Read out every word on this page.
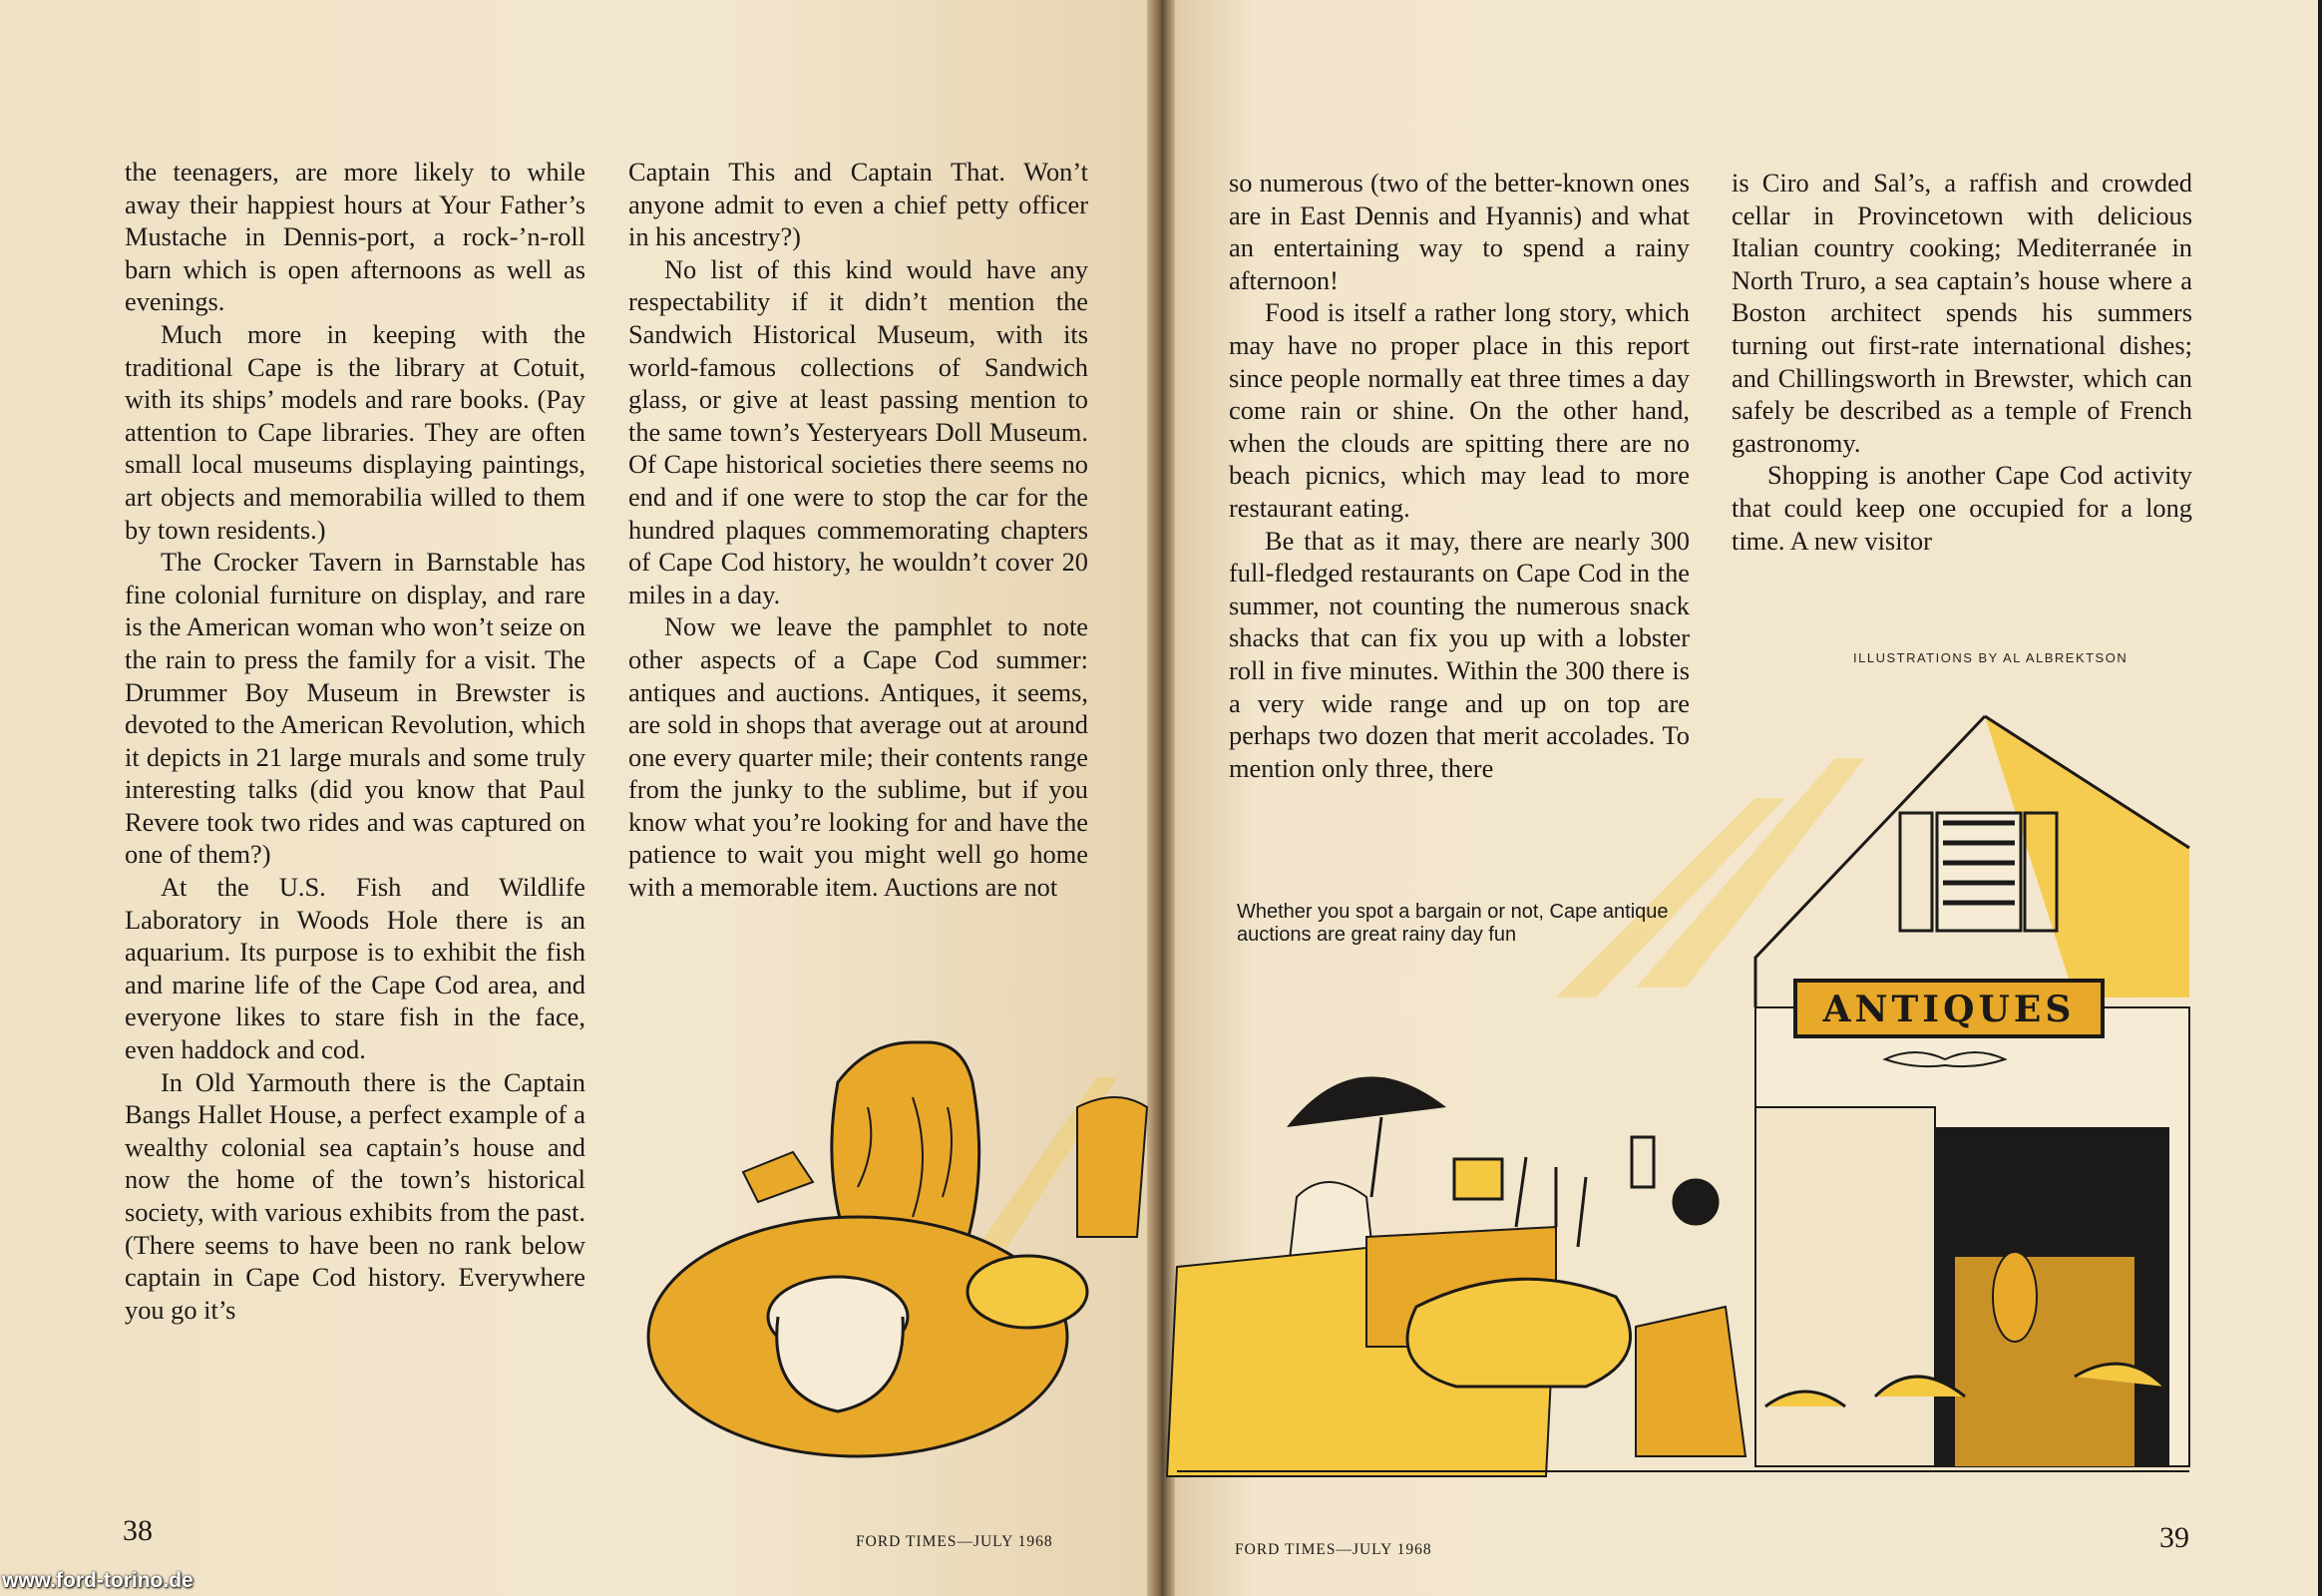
ANTIQUES

the teenagers, are more likely to while away their happiest hours at Your Father’s Mustache in Dennis-port, a rock-’n-roll barn which is open afternoons as well as evenings.

Much more in keeping with the traditional Cape is the library at Cotuit, with its ships’ models and rare books. (Pay attention to Cape libraries. They are often small local museums displaying paintings, art objects and memorabilia willed to them by town residents.)

The Crocker Tavern in Barnstable has fine colonial furniture on display, and rare is the American woman who won’t seize on the rain to press the family for a visit. The Drummer Boy Museum in Brewster is devoted to the American Revolution, which it depicts in 21 large murals and some truly interesting talks (did you know that Paul Revere took two rides and was captured on one of them?)

At the U.S. Fish and Wildlife Laboratory in Woods Hole there is an aquarium. Its purpose is to exhibit the fish and marine life of the Cape Cod area, and everyone likes to stare fish in the face, even haddock and cod.

In Old Yarmouth there is the Captain Bangs Hallet House, a perfect example of a wealthy colonial sea captain’s house and now the home of the town’s historical society, with various exhibits from the past. (There seems to have been no rank below captain in Cape Cod history. Everywhere you go it’s

Captain This and Captain That. Won’t anyone admit to even a chief petty officer in his ancestry?)

No list of this kind would have any respectability if it didn’t mention the Sandwich Historical Museum, with its world-famous collections of Sandwich glass, or give at least passing mention to the same town’s Yesteryears Doll Museum. Of Cape historical societies there seems no end and if one were to stop the car for the hundred plaques commemorating chapters of Cape Cod history, he wouldn’t cover 20 miles in a day.

Now we leave the pamphlet to note other aspects of a Cape Cod summer: antiques and auctions. Antiques, it seems, are sold in shops that average out at around one every quarter mile; their contents range from the junky to the sublime, but if you know what you’re looking for and have the patience to wait you might well go home with a memorable item. Auctions are not

so numerous (two of the better-known ones are in East Dennis and Hyannis) and what an entertaining way to spend a rainy afternoon!

Food is itself a rather long story, which may have no proper place in this report since people normally eat three times a day come rain or shine. On the other hand, when the clouds are spitting there are no beach picnics, which may lead to more restaurant eating.

Be that as it may, there are nearly 300 full-fledged restaurants on Cape Cod in the summer, not counting the numerous snack shacks that can fix you up with a lobster roll in five minutes. Within the 300 there is a very wide range and up on top are perhaps two dozen that merit accolades. To mention only three, there

is Ciro and Sal’s, a raffish and crowded cellar in Provincetown with delicious Italian country cooking; Mediterranée in North Truro, a sea captain’s house where a Boston architect spends his summers turning out first-rate international dishes; and Chillingsworth in Brewster, which can safely be described as a temple of French gastronomy.

Shopping is another Cape Cod activity that could keep one occupied for a long time. A new visitor

ILLUSTRATIONS BY AL ALBREKTSON
Whether you spot a bargain or not, Cape antique auctions are great rainy day fun
38	FORD TIMES—JULY 1968	FORD TIMES—JULY 1968	39
www.ford-torino.de
